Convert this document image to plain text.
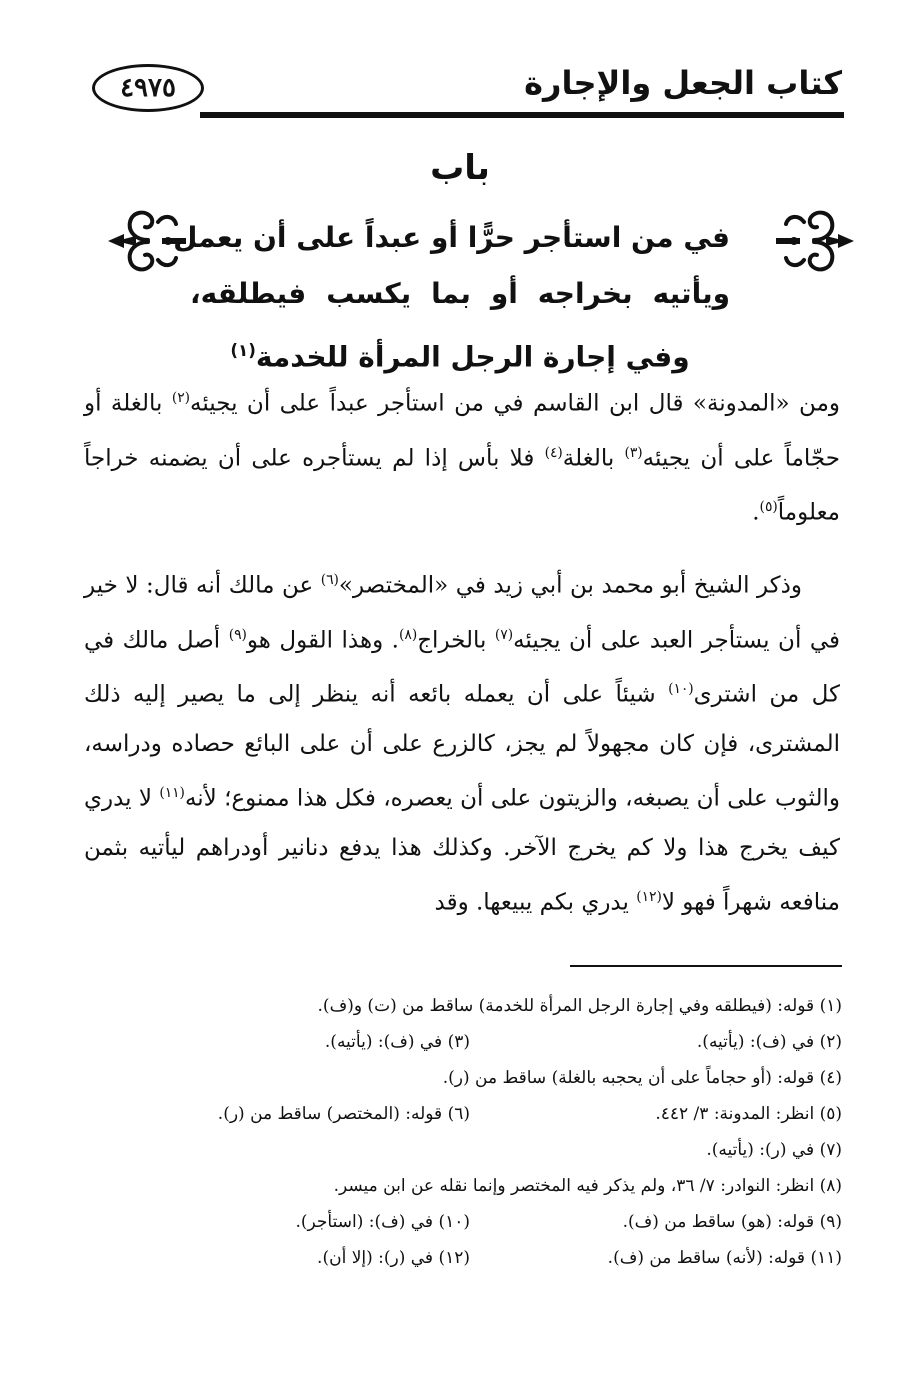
٤٩٧٥	كتاب الجعل والإجارة
باب
في من استأجر حرًّا أو عبداً على أن يعمل
ويأتيه بخراجه أو بما يكسب فيطلقه،
وفي إجارة الرجل المرأة للخدمة$^{(١)}$

ومن «المدونة» قال ابن القاسم في من استأجر عبداً على أن يجيئه$^{(٢)}$ بالغلة أو حجّاماً على أن يجيئه$^{(٣)}$ بالغلة$^{(٤)}$ فلا بأس إذا لم يستأجره على أن يضمنه خراجاً معلوماً$^{(٥)}$.

وذكر الشيخ أبو محمد بن أبي زيد في «المختصر»$^{(٦)}$ عن مالك أنه قال: لا خير في أن يستأجر العبد على أن يجيئه$^{(٧)}$ بالخراج$^{(٨)}$. وهذا القول هو$^{(٩)}$ أصل مالك في كل من اشترى$^{(١٠)}$ شيئاً على أن يعمله بائعه أنه ينظر إلى ما يصير إليه ذلك المشترى، فإن كان مجهولاً لم يجز، كالزرع على أن على البائع حصاده ودراسه، والثوب على أن يصبغه، والزيتون على أن يعصره، فكل هذا ممنوع؛ لأنه$^{(١١)}$ لا يدري كيف يخرج هذا ولا كم يخرج الآخر. وكذلك هذا يدفع دنانير أودراهم ليأتيه بثمن منافعه شهراً فهو لا$^{(١٢)}$ يدري بكم يبيعها. وقد

(١) قوله: (فيطلقه وفي إجارة الرجل المرأة للخدمة) ساقط من (ت) و(ف).
(٢) في (ف): (يأتيه).
(٣) في (ف): (يأتيه).
(٤) قوله: (أو حجاماً على أن يحجبه بالغلة) ساقط من (ر).
(٥) انظر: المدونة: ٣/ ٤٤٢.
(٦) قوله: (المختصر) ساقط من (ر).
(٧) في (ر): (يأتيه).
(٨) انظر: النوادر: ٧/ ٣٦، ولم يذكر فيه المختصر وإنما نقله عن ابن ميسر.
(٩) قوله: (هو) ساقط من (ف).
(١٠) في (ف): (استأجر).
(١١) قوله: (لأنه) ساقط من (ف).
(١٢) في (ر): (إلا أن).
